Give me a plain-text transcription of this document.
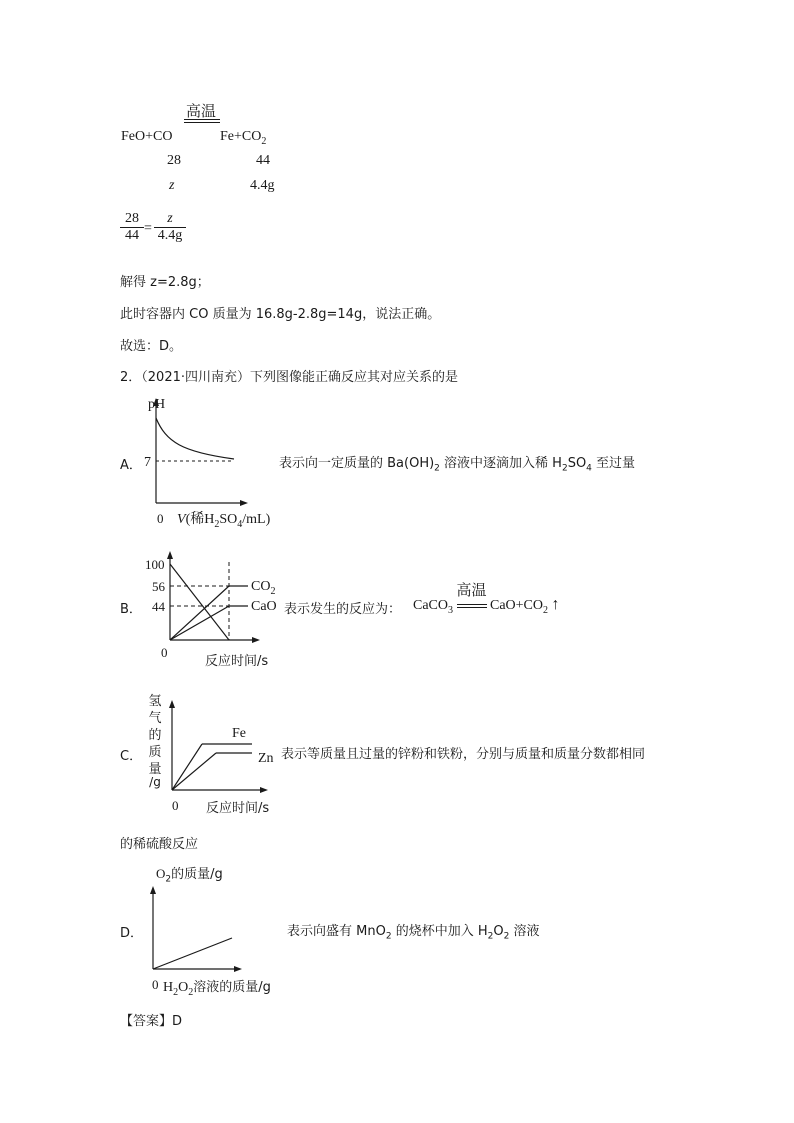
高温
FeO+CO	$Fe+CO_2$
28	44
z	4.4g
$\frac{28}{44} = \frac{z}{4.4g}$
解得 z=2.8g；
此时容器内 CO 质量为 16.8g-2.8g=14g，说法正确。
故选：D。
2．（2021·四川南充）下列图像能正确反应其对应关系的是
A．
pH
7
0 V(稀$H_2SO_4/mL$)
表示向一定质量的 $Ba(OH)_2$ 溶液中逐滴加入稀 $H_2SO_4$ 至过量
B．
100
56
44
0
$CO_2$
CaO
反应时间/s
表示发生的反应为： CaCO$_3$
高温
$CaO+CO_2$ ↑
C．
氢
气
的
质
量
/g
Fe
Zn
0 反应时间/s
表示等质量且过量的锌粉和铁粉，分别与质量和质量分数都相同
的稀硫酸反应
D．
$O_2$的质量/g
0 $H_2O_2$溶液的质量/g
表示向盛有 MnO$_2$ 的烧杯中加入 $H_2O_2$ 溶液
【答案】D
